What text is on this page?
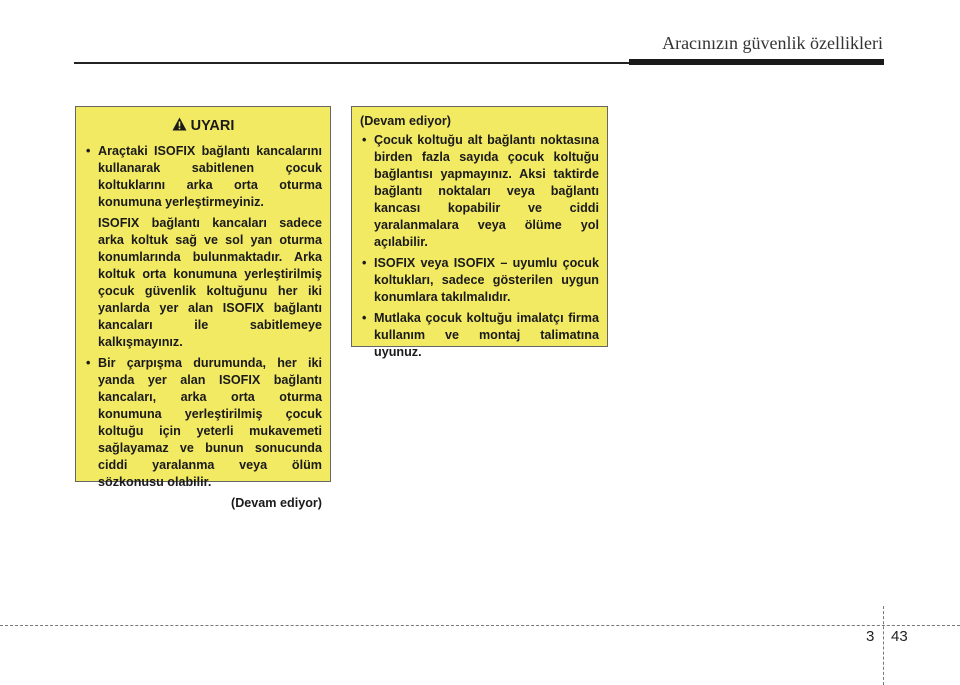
Aracınızın güvenlik özellikleri
UYARI
• Araçtaki ISOFIX bağlantı kancalarını kullanarak sabitlenen çocuk koltuklarını arka orta oturma konumuna yerleştirmeyiniz.

ISOFIX bağlantı kancaları sadece arka koltuk sağ ve sol yan oturma konumlarında bulunmaktadır. Arka koltuk orta konumuna yerleştirilmiş çocuk güvenlik koltuğunu her iki yanlarda yer alan ISOFIX bağlantı kancaları ile sabitlemeye kalkışmayınız.

• Bir çarpışma durumunda, her iki yanda yer alan ISOFIX bağlantı kancaları, arka orta oturma konumuna yerleştirilmiş çocuk koltuğu için yeterli mukavemeti sağlayamaz ve bunun sonucunda ciddi yaralanma veya ölüm sözkonusu olabilir.
(Devam ediyor)
(Devam ediyor)
• Çocuk koltuğu alt bağlantı noktasına birden fazla sayıda çocuk koltuğu bağlantısı yapmayınız. Aksi taktirde bağlantı noktaları veya bağlantı kancası kopabilir ve ciddi yaralanmalara veya ölüme yol açılabilir.
• ISOFIX veya ISOFIX – uyumlu çocuk koltukları, sadece gösterilen uygun konumlara takılmalıdır.
• Mutlaka çocuk koltuğu imalatçı firma kullanım ve montaj talimatına uyunuz.
3 43
